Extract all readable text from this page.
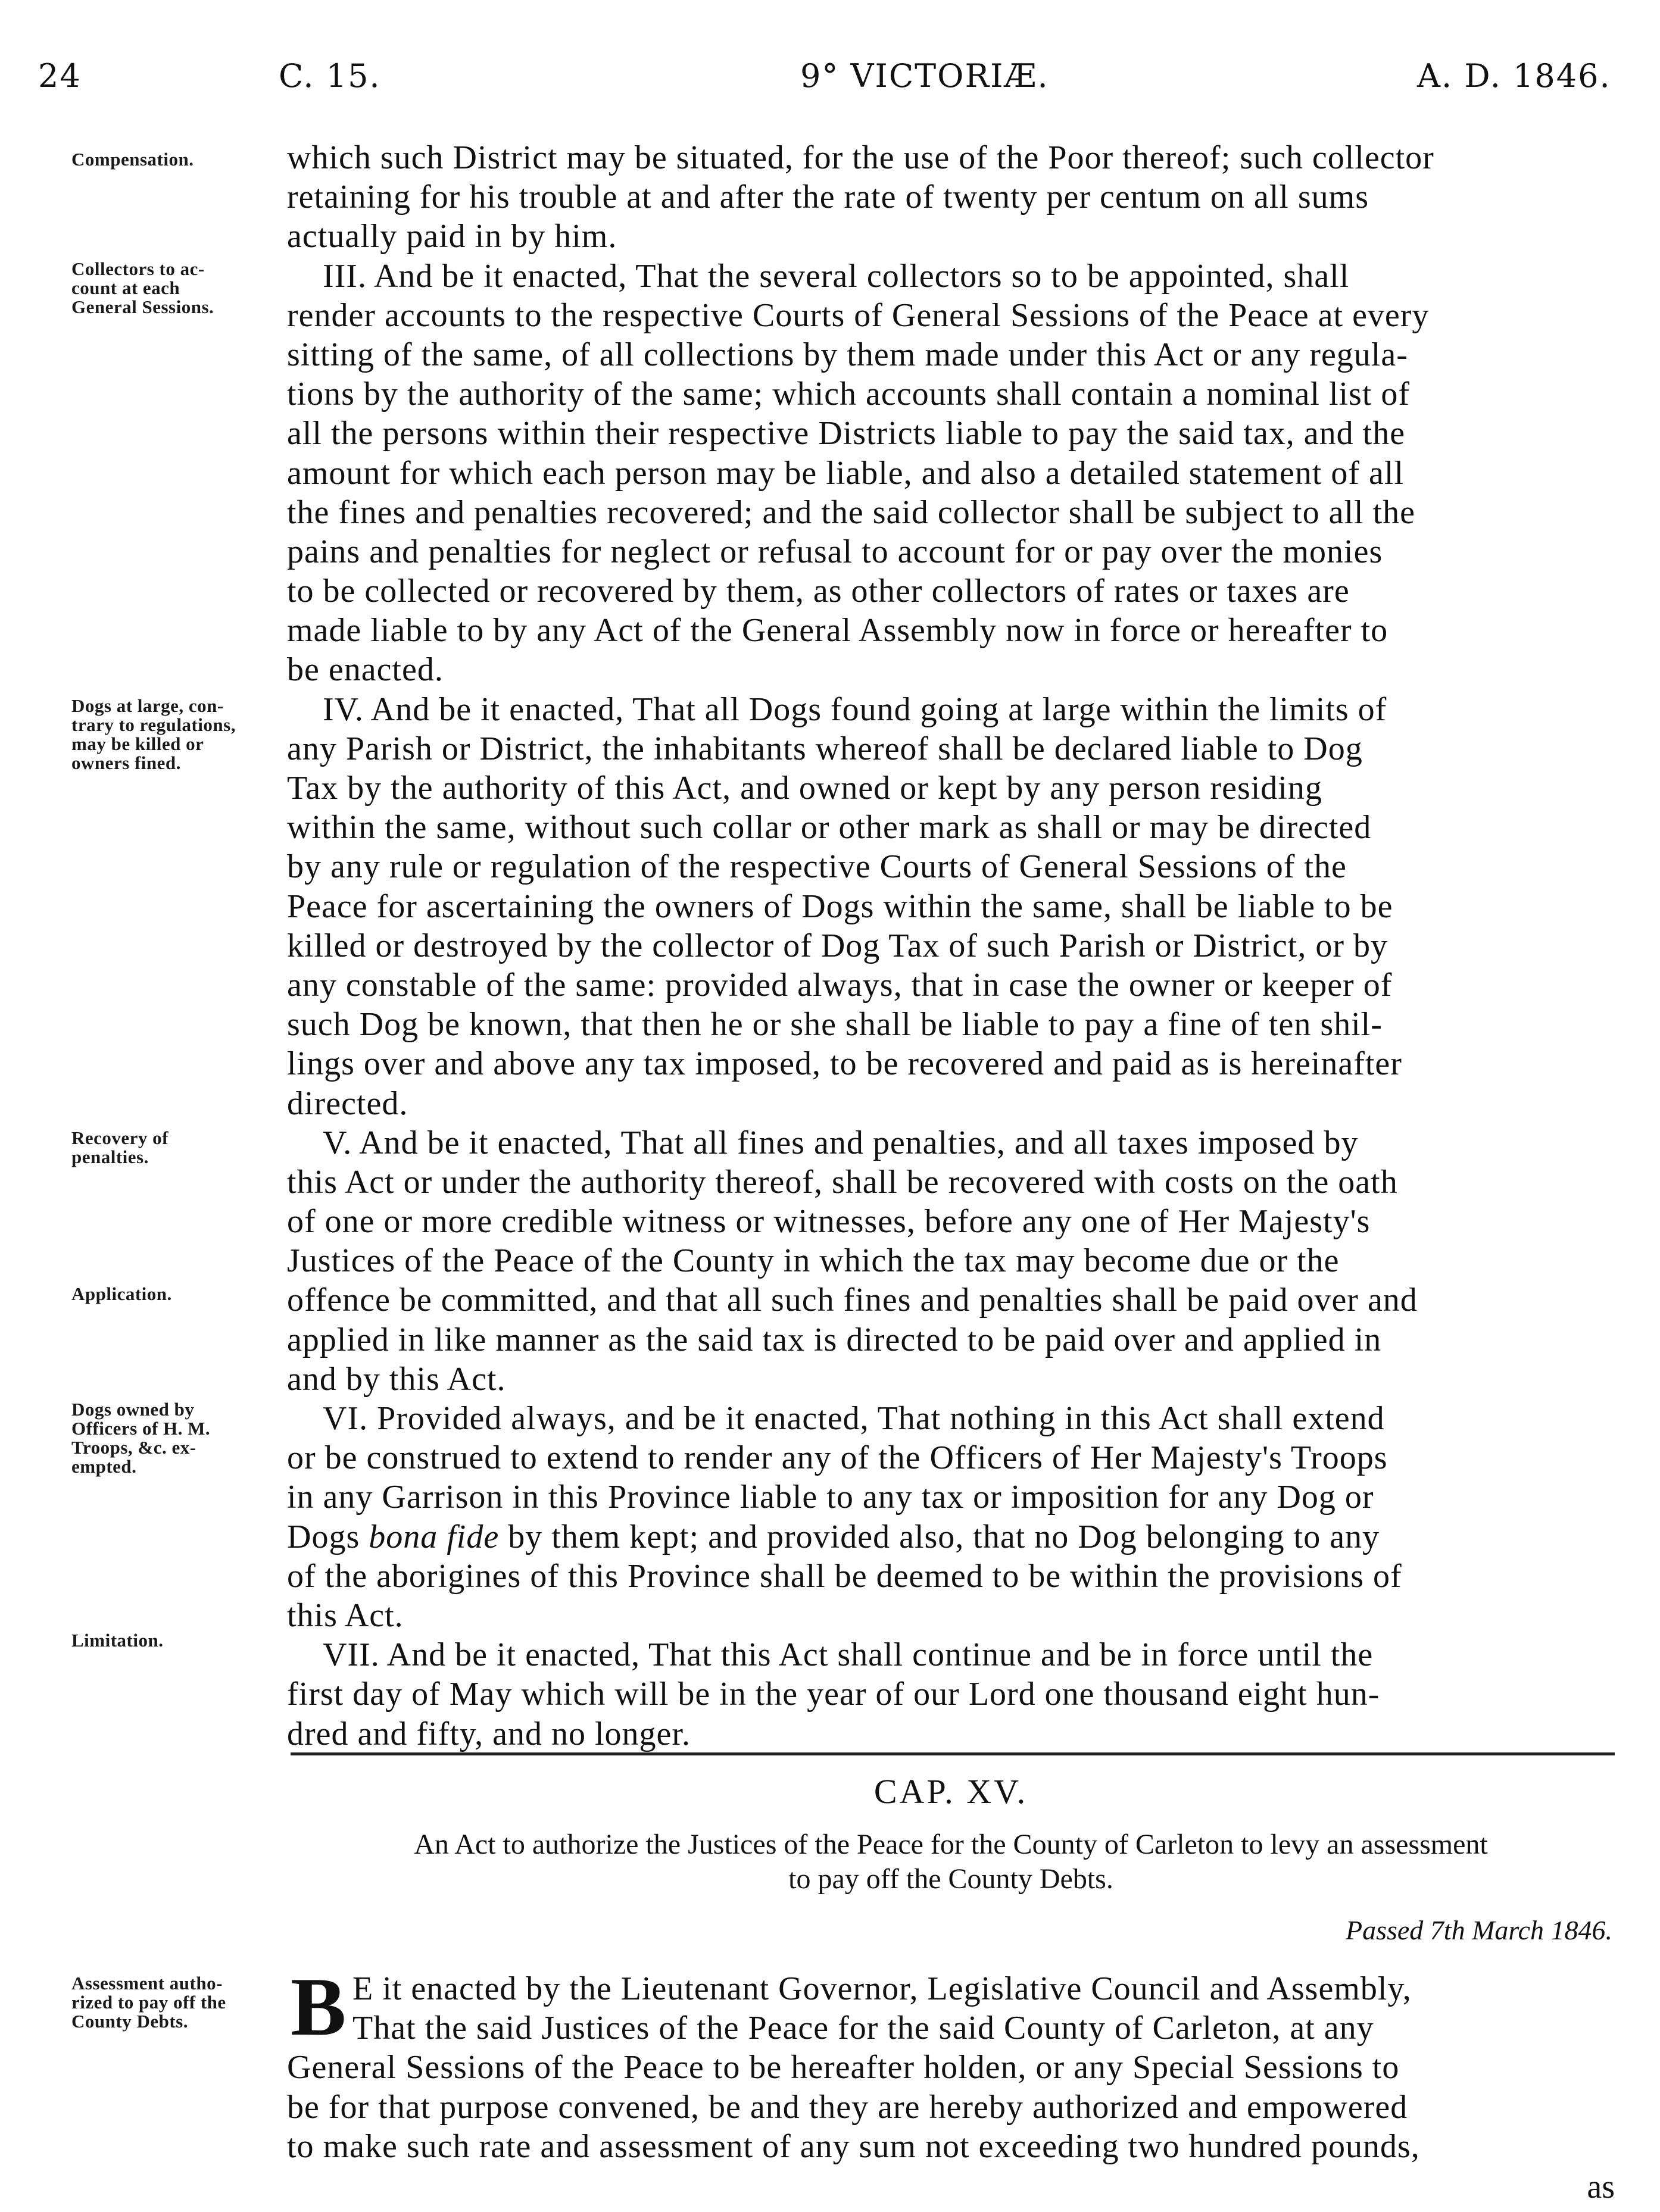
24	C. 15.	9° VICTORIÆ.	A. D. 1846.
Compensation.
Collectors to ac-
count at each
General Sessions.
Dogs at large, con-
trary to regulations,
may be killed or
owners fined.
Recovery of
penalties.
Application.
Dogs owned by
Officers of H. M.
Troops, &c. ex-
empted.
Limitation.
Assessment autho-
rized to pay off the
County Debts.
which such District may be situated, for the use of the Poor thereof; such collector
retaining for his trouble at and after the rate of twenty per centum on all sums
actually paid in by him.
III. And be it enacted, That the several collectors so to be appointed, shall
render accounts to the respective Courts of General Sessions of the Peace at every
sitting of the same, of all collections by them made under this Act or any regula-
tions by the authority of the same; which accounts shall contain a nominal list of
all the persons within their respective Districts liable to pay the said tax, and the
amount for which each person may be liable, and also a detailed statement of all
the fines and penalties recovered; and the said collector shall be subject to all the
pains and penalties for neglect or refusal to account for or pay over the monies
to be collected or recovered by them, as other collectors of rates or taxes are
made liable to by any Act of the General Assembly now in force or hereafter to
be enacted.
IV. And be it enacted, That all Dogs found going at large within the limits of
any Parish or District, the inhabitants whereof shall be declared liable to Dog
Tax by the authority of this Act, and owned or kept by any person residing
within the same, without such collar or other mark as shall or may be directed
by any rule or regulation of the respective Courts of General Sessions of the
Peace for ascertaining the owners of Dogs within the same, shall be liable to be
killed or destroyed by the collector of Dog Tax of such Parish or District, or by
any constable of the same: provided always, that in case the owner or keeper of
such Dog be known, that then he or she shall be liable to pay a fine of ten shil-
lings over and above any tax imposed, to be recovered and paid as is hereinafter
directed.
V. And be it enacted, That all fines and penalties, and all taxes imposed by
this Act or under the authority thereof, shall be recovered with costs on the oath
of one or more credible witness or witnesses, before any one of Her Majesty's
Justices of the Peace of the County in which the tax may become due or the
offence be committed, and that all such fines and penalties shall be paid over and
applied in like manner as the said tax is directed to be paid over and applied in
and by this Act.
VI. Provided always, and be it enacted, That nothing in this Act shall extend
or be construed to extend to render any of the Officers of Her Majesty's Troops
in any Garrison in this Province liable to any tax or imposition for any Dog or
Dogs bona fide by them kept; and provided also, that no Dog belonging to any
of the aborigines of this Province shall be deemed to be within the provisions of
this Act.
VII. And be it enacted, That this Act shall continue and be in force until the
first day of May which will be in the year of our Lord one thousand eight hun-
dred and fifty, and no longer.
CAP. XV.
An Act to authorize the Justices of the Peace for the County of Carleton to levy an assessment
to pay off the County Debts.
Passed 7th March 1846.
B E it enacted by the Lieutenant Governor, Legislative Council and Assembly,
That the said Justices of the Peace for the said County of Carleton, at any
General Sessions of the Peace to be hereafter holden, or any Special Sessions to
be for that purpose convened, be and they are hereby authorized and empowered
to make such rate and assessment of any sum not exceeding two hundred pounds,
as
